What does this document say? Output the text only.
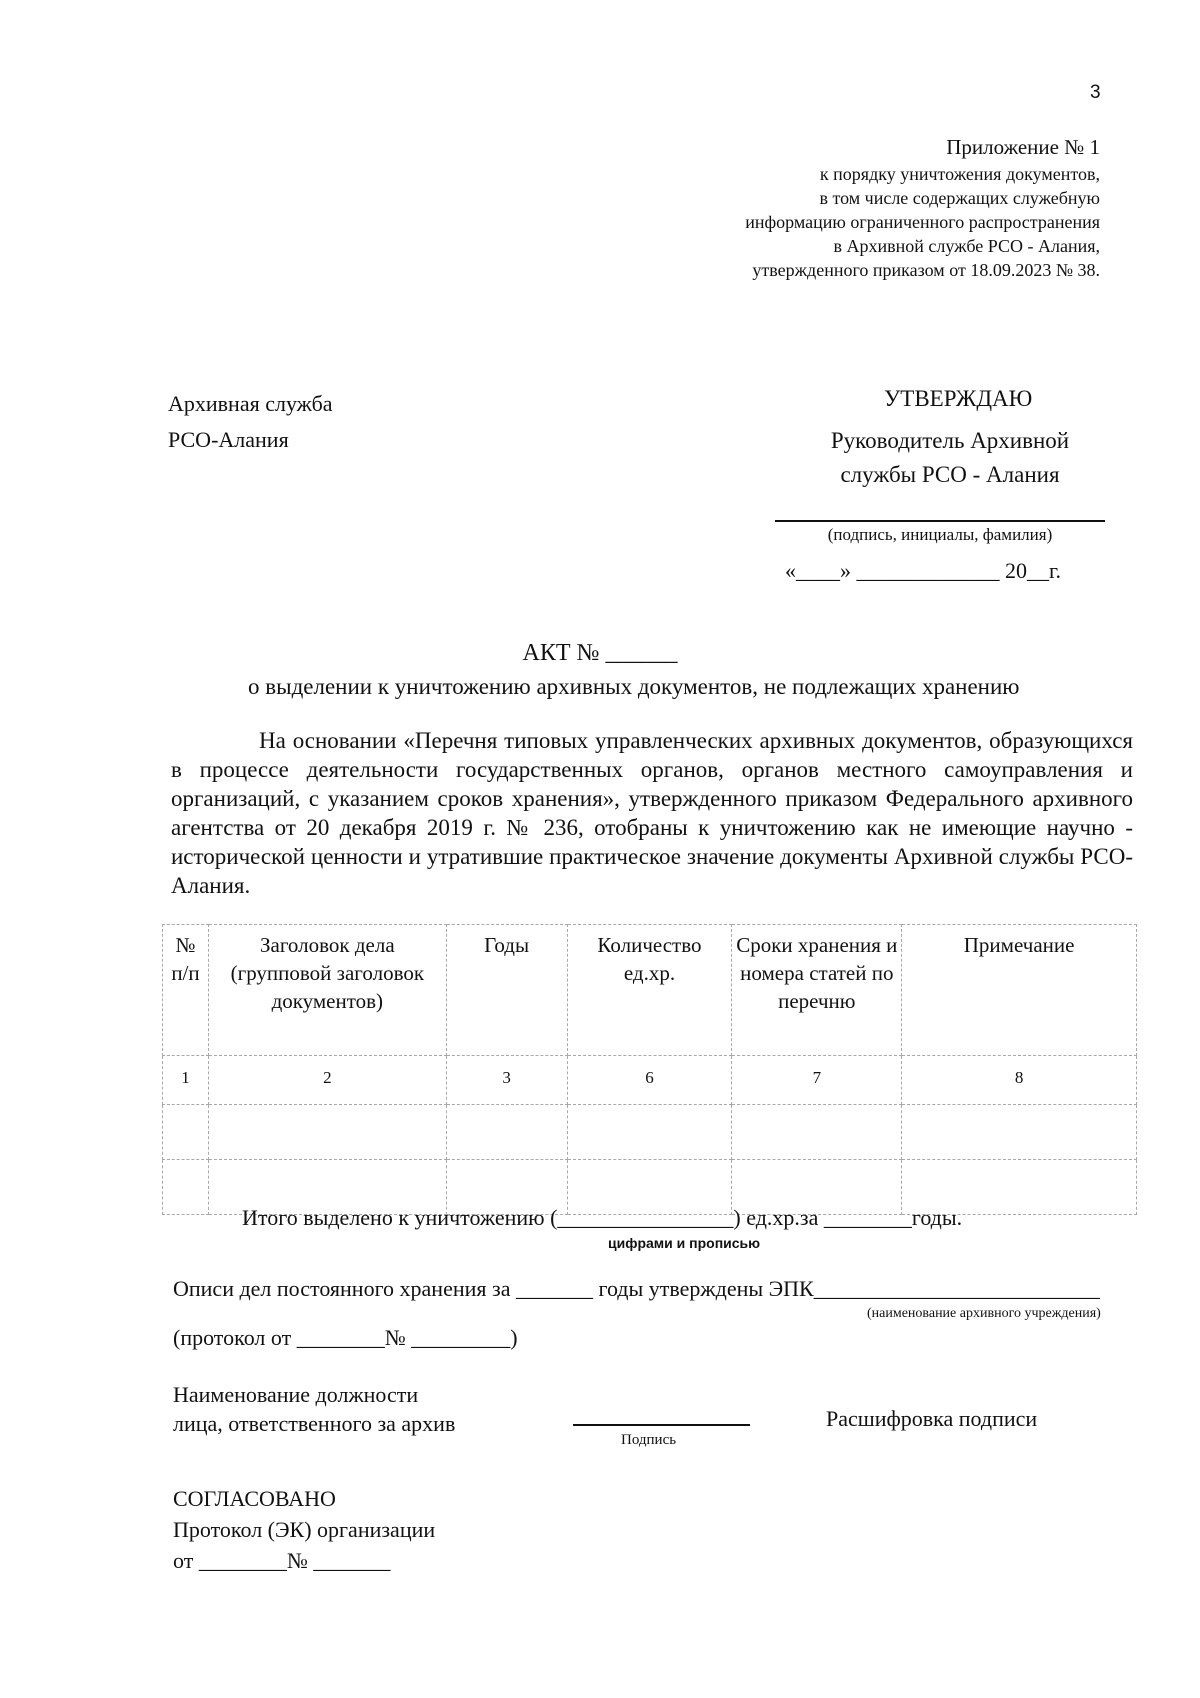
3
Приложение № 1
к порядку уничтожения документов,
в том числе содержащих служебную
информацию ограниченного распространения
в Архивной службе РСО - Алания,
утвержденного приказом от 18.09.2023 № 38.
Архивная служба
РСО-Алания
УТВЕРЖДАЮ
Руководитель Архивной
службы РСО - Алания
(подпись, инициалы, фамилия)
«____» _____________ 20__г.
АКТ № ______
о выделении к уничтожению архивных документов, не подлежащих хранению
На основании «Перечня типовых управленческих архивных документов, образующихся в процессе деятельности государственных органов, органов местного самоуправления и организаций, с указанием сроков хранения», утвержденного приказом Федерального архивного агентства от 20 декабря 2019 г. № 236, отобраны к уничтожению как не имеющие научно - исторической ценности и утратившие практическое значение документы Архивной службы РСО-Алания.
№ п/п	Заголовок дела (групповой заголовок документов)	Годы	Количество ед.хр.	Сроки хранения и номера статей по перечню	Примечание
1	2	3	6	7	8

Итого выделено к уничтожению (________________) ед.хр.за ________годы.
цифрами и прописью
Описи дел постоянного хранения за _______ годы утверждены ЭПК__________________________
(наименование архивного учреждения)
(протокол от ________№ _________)
Наименование должности
лица, ответственного за архив
Подпись
Расшифровка подписи
СОГЛАСОВАНО
Протокол (ЭК) организации
от ________№ _______
